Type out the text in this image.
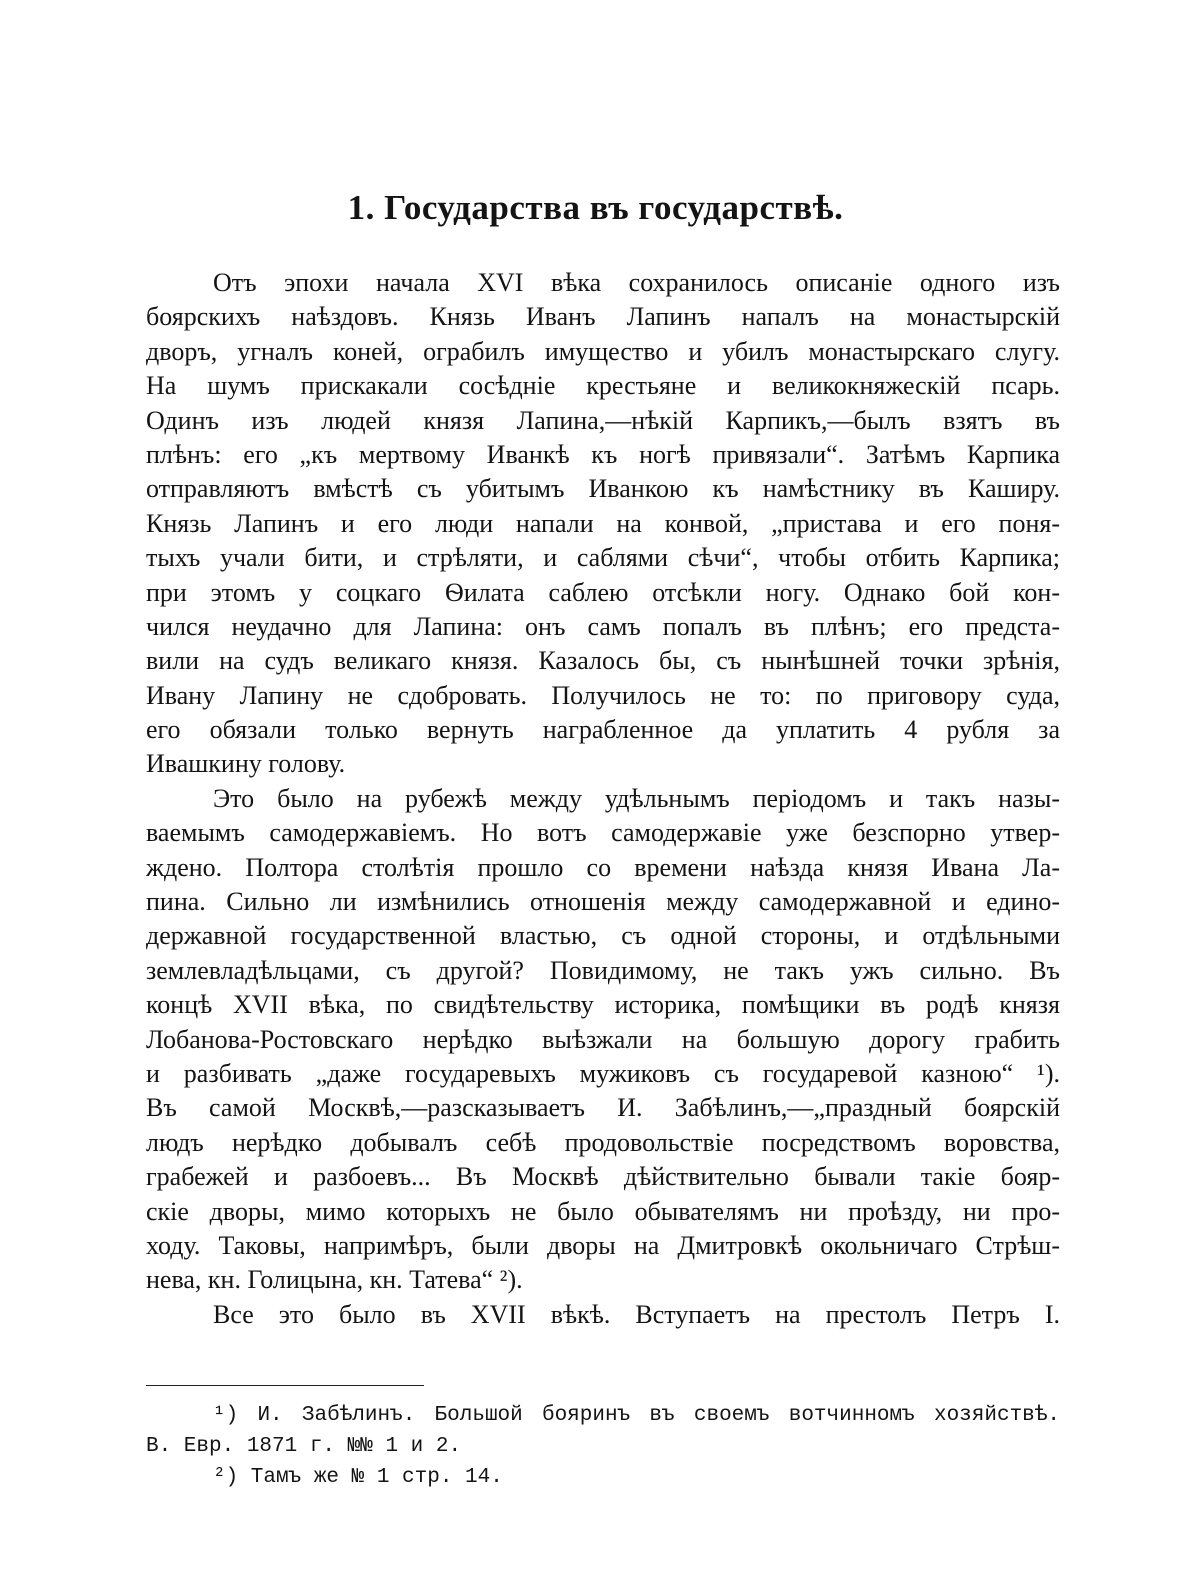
1. Государства въ государствѣ.
Отъ эпохи начала XVI вѣка сохранилось описаніе одного изъ
боярскихъ наѣздовъ. Князь Иванъ Лапинъ напалъ на монастырскій
дворъ, угналъ коней, ограбилъ имущество и убилъ монастырскаго слугу.
На шумъ прискакали сосѣдніе крестьяне и великокняжескій псарь.
Одинъ изъ людей князя Лапина,—нѣкій Карпикъ,—былъ взятъ въ
плѣнъ: его „къ мертвому Иванкѣ къ ногѣ привязали“. Затѣмъ Карпика
отправляютъ вмѣстѣ съ убитымъ Иванкою къ намѣстнику въ Каширу.
Князь Лапинъ и его люди напали на конвой, „пристава и его поня-
тыхъ учали бити, и стрѣляти, и саблями сѣчи“, чтобы отбить Карпика;
при этомъ у соцкаго Ѳилата саблею отсѣкли ногу. Однако бой кон-
чился неудачно для Лапина: онъ самъ попалъ въ плѣнъ; его предста-
вили на судъ великаго князя. Казалось бы, съ нынѣшней точки зрѣнія,
Ивану Лапину не сдобровать. Получилось не то: по приговору суда,
его обязали только вернуть награбленное да уплатить 4 рубля за
Ивашкину голову.
Это было на рубежѣ между удѣльнымъ періодомъ и такъ назы-
ваемымъ самодержавіемъ. Но вотъ самодержавіе уже безспорно утвер-
ждено. Полтора столѣтія прошло со времени наѣзда князя Ивана Ла-
пина. Сильно ли измѣнились отношенія между самодержавной и едино-
державной государственной властью, съ одной стороны, и отдѣльными
землевладѣльцами, съ другой? Повидимому, не такъ ужъ сильно. Въ
концѣ XVII вѣка, по свидѣтельству историка, помѣщики въ родѣ князя
Лобанова-Ростовскаго нерѣдко выѣзжали на большую дорогу грабить
и разбивать „даже государевыхъ мужиковъ съ государевой казною“ ¹).
Въ самой Москвѣ,—разсказываетъ И. Забѣлинъ,—„праздный боярскій
людъ нерѣдко добывалъ себѣ продовольствіе посредствомъ воровства,
грабежей и разбоевъ... Въ Москвѣ дѣйствительно бывали такіе бояр-
скіе дворы, мимо которыхъ не было обывателямъ ни проѣзду, ни про-
ходу. Таковы, напримѣръ, были дворы на Дмитровкѣ окольничаго Стрѣш-
нева, кн. Голицына, кн. Татева“ ²).
Все это было въ XVII вѣкѣ. Вступаетъ на престолъ Петръ I.
¹) И. Забѣлинъ. Большой бояринъ въ своемъ вотчинномъ хозяйствѣ.
В. Евр. 1871 г. №№ 1 и 2.
²) Тамъ же № 1 стр. 14.
